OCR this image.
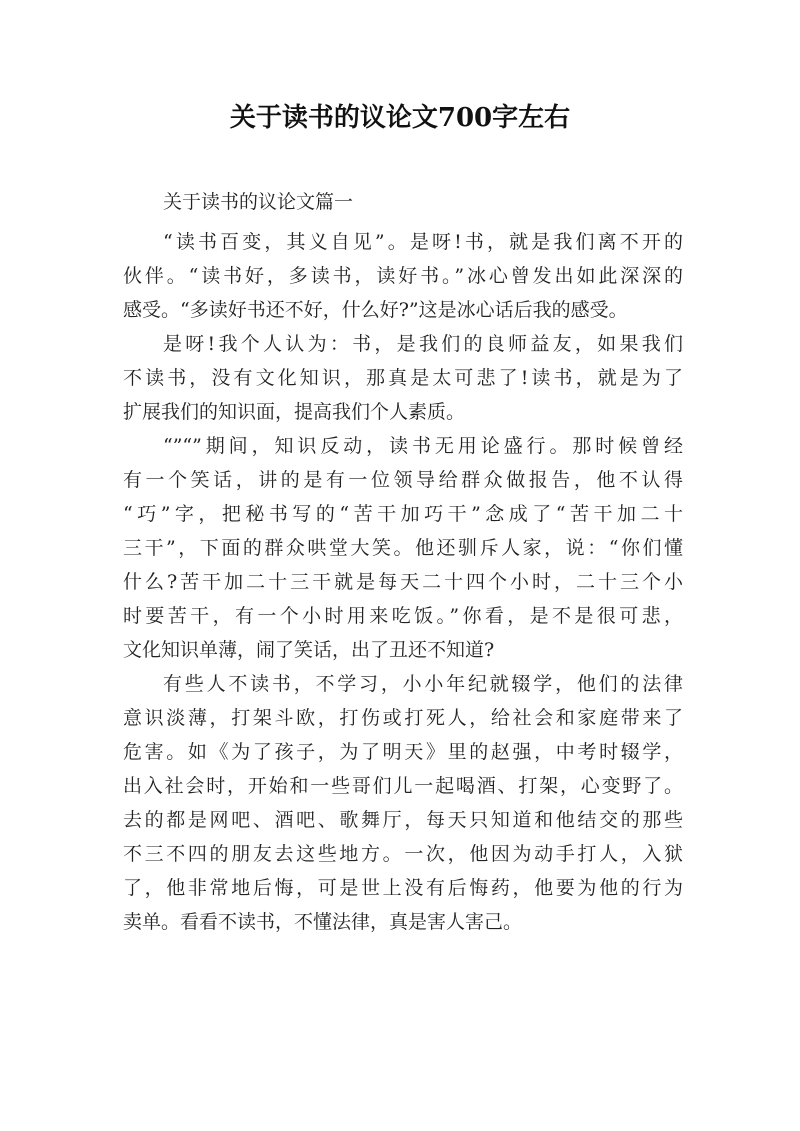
关于读书的议论文700字左右
关于读书的议论文篇一

“读书百变，其义自见”。是呀!书，就是我们离不开的
伙伴。“读书好，多读书，读好书。”冰心曾发出如此深深的
感受。“多读好书还不好，什么好?”这是冰心话后我的感受。

是呀!我个人认为：书，是我们的良师益友，如果我们
不读书，没有文化知识，那真是太可悲了!读书，就是为了
扩展我们的知识面，提高我们个人素质。

“”“”期间，知识反动，读书无用论盛行。那时候曾经
有一个笑话，讲的是有一位领导给群众做报告，他不认得
“巧”字，把秘书写的“苦干加巧干”念成了“苦干加二十
三干”，下面的群众哄堂大笑。他还驯斥人家，说：“你们懂
什么?苦干加二十三干就是每天二十四个小时，二十三个小
时要苦干，有一个小时用来吃饭。”你看，是不是很可悲，
文化知识单薄，闹了笑话，出了丑还不知道?

有些人不读书，不学习，小小年纪就辍学，他们的法律
意识淡薄，打架斗欧，打伤或打死人，给社会和家庭带来了
危害。如《为了孩子，为了明天》里的赵强，中考时辍学，
出入社会时，开始和一些哥们儿一起喝酒、打架，心变野了。
去的都是网吧、酒吧、歌舞厅，每天只知道和他结交的那些
不三不四的朋友去这些地方。一次，他因为动手打人，入狱
了，他非常地后悔，可是世上没有后悔药，他要为他的行为
卖单。看看不读书，不懂法律，真是害人害己。
